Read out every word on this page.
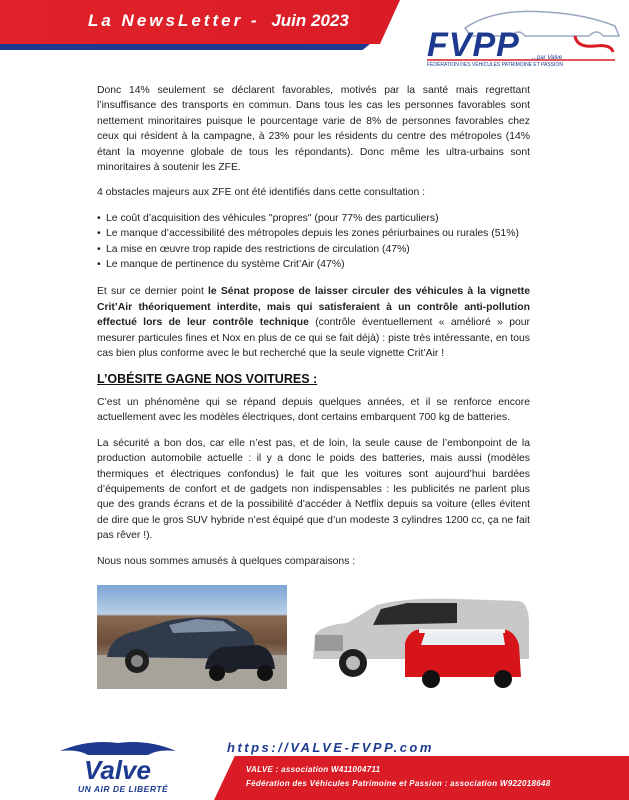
La NewsLetter - Juin 2023
FVPP ...par Valve
FÉDÉRATION DES VÉHICULES PATRIMOINE ET PASSION

Donc 14% seulement se déclarent favorables, motivés par la santé mais regrettant l’insuffisance des transports en commun. Dans tous les cas les personnes favorables sont nettement minoritaires puisque le pourcentage varie de 8% de personnes favorables chez ceux qui résident à la campagne, à 23% pour les résidents du centre des métropoles (14% étant la moyenne globale de tous les répondants). Donc même les ultra-urbains sont minoritaires à soutenir les ZFE.

4 obstacles majeurs aux ZFE ont été identifiés dans cette consultation :

• Le coût d’acquisition des véhicules "propres" (pour 77% des particuliers)
• Le manque d’accessibilité des métropoles depuis les zones périurbaines ou rurales (51%)
• La mise en œuvre trop rapide des restrictions de circulation (47%)
• Le manque de pertinence du système Crit’Air (47%)

Et sur ce dernier point le Sénat propose de laisser circuler des véhicules à la vignette Crit’Air théoriquement interdite, mais qui satisferaient à un contrôle anti-pollution effectué lors de leur contrôle technique (contrôle éventuellement « amélioré » pour mesurer particules fines et Nox en plus de ce qui se fait déjà) : piste très intéressante, en tous cas bien plus conforme avec le but recherché que la seule vignette Crit’Air !

L’OBÉSITE GAGNE NOS VOITURES :

C’est un phénomène qui se répand depuis quelques années, et il se renforce encore actuellement avec les modèles électriques, dont certains embarquent 700 kg de batteries.

La sécurité a bon dos, car elle n’est pas, et de loin, la seule cause de l’embonpoint de la production automobile actuelle : il y a donc le poids des batteries, mais aussi (modèles thermiques et électriques confondus) le fait que les voitures sont aujourd’hui bardées d’équipements de confort et de gadgets non indispensables : les publicités ne parlent plus que des grands écrans et de la possibilité d’accéder à Netflix depuis sa voiture (elles évitent de dire que le gros SUV hybride n’est équipé que d’un modeste 3 cylindres 1200 cc, ça ne fait pas rêver !).

Nous nous sommes amusés à quelques comparaisons :

Valve
UN AIR DE LIBERTÉ
https://VALVE-FVPP.com
VALVE : association W411004711
Fédération des Véhicules Patrimoine et Passion : association W922018648
